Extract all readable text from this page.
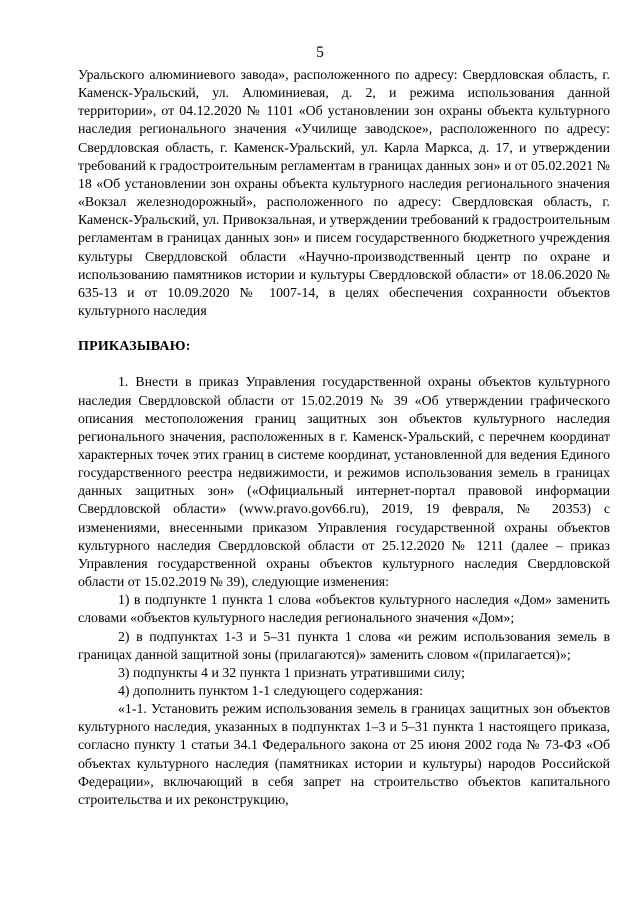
5

Уральского алюминиевого завода», расположенного по адресу: Свердловская область, г. Каменск-Уральский, ул. Алюминиевая, д. 2, и режима использования данной территории», от 04.12.2020 № 1101 «Об установлении зон охраны объекта культурного наследия регионального значения «Училище заводское», расположенного по адресу: Свердловская область, г. Каменск-Уральский, ул. Карла Маркса, д. 17, и утверждении требований к градостроительным регламентам в границах данных зон» и от 05.02.2021 № 18 «Об установлении зон охраны объекта культурного наследия регионального значения «Вокзал железнодорожный», расположенного по адресу: Свердловская область, г. Каменск-Уральский, ул. Привокзальная, и утверждении требований к градостроительным регламентам в границах данных зон» и писем государственного бюджетного учреждения культуры Свердловской области «Научно-производственный центр по охране и использованию памятников истории и культуры Свердловской области» от 18.06.2020 № 635-13 и от 10.09.2020 № 1007-14, в целях обеспечения сохранности объектов культурного наследия

ПРИКАЗЫВАЮ:

1. Внести в приказ Управления государственной охраны объектов культурного наследия Свердловской области от 15.02.2019 № 39 «Об утверждении графического описания местоположения границ защитных зон объектов культурного наследия регионального значения, расположенных в г. Каменск-Уральский, с перечнем координат характерных точек этих границ в системе координат, установленной для ведения Единого государственного реестра недвижимости, и режимов использования земель в границах данных защитных зон» («Официальный интернет-портал правовой информации Свердловской области» (www.pravo.gov66.ru), 2019, 19 февраля, № 20353) с изменениями, внесенными приказом Управления государственной охраны объектов культурного наследия Свердловской области от 25.12.2020 № 1211 (далее – приказ Управления государственной охраны объектов культурного наследия Свердловской области от 15.02.2019 № 39), следующие изменения:

1) в подпункте 1 пункта 1 слова «объектов культурного наследия «Дом» заменить словами «объектов культурного наследия регионального значения «Дом»;

2) в подпунктах 1-3 и 5–31 пункта 1 слова «и режим использования земель в границах данной защитной зоны (прилагаются)» заменить словом «(прилагается)»;

3) подпункты 4 и 32 пункта 1 признать утратившими силу;

4) дополнить пунктом 1-1 следующего содержания:

«1-1. Установить режим использования земель в границах защитных зон объектов культурного наследия, указанных в подпунктах 1–3 и 5–31 пункта 1 настоящего приказа, согласно пункту 1 статьи 34.1 Федерального закона от 25 июня 2002 года № 73-ФЗ «Об объектах культурного наследия (памятниках истории и культуры) народов Российской Федерации», включающий в себя запрет на строительство объектов капитального строительства и их реконструкцию,
